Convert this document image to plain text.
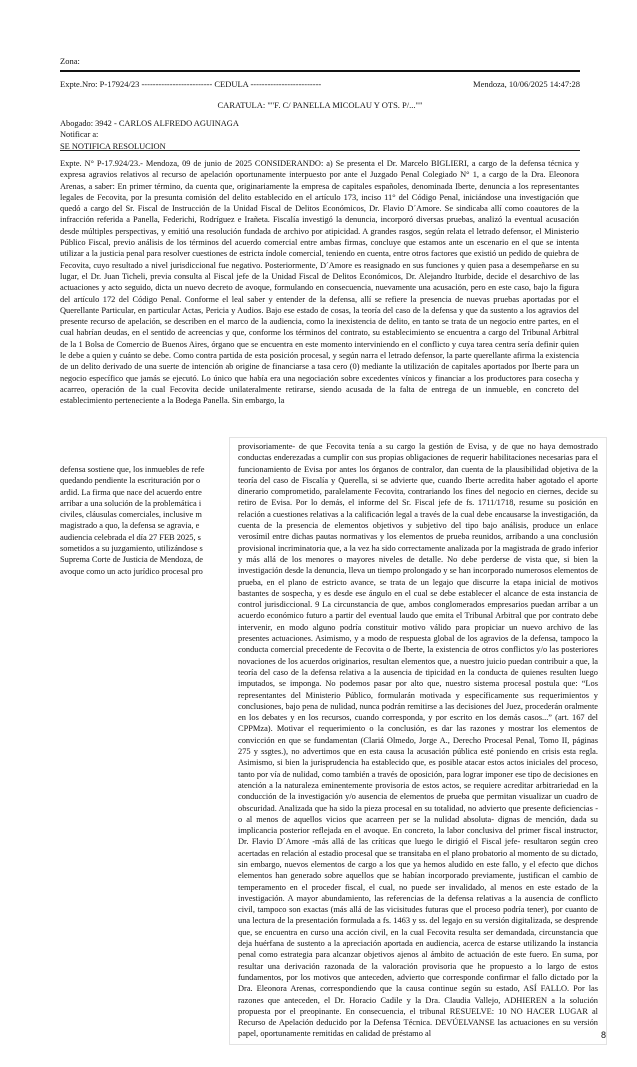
Zona:
Expte.Nro: P-17924/23 ------------------------- CEDULA -------------------------	Mendoza, 10/06/2025 14:47:28
CARATULA: ""F. C/ PANELLA MICOLAU Y OTS. P/...""
Abogado: 3942 - CARLOS ALFREDO AGUINAGA
Notificar a:
SE NOTIFICA RESOLUCION

Expte. N° P-17.924/23.- Mendoza, 09 de junio de 2025 CONSIDERANDO: a) Se presenta el Dr. Marcelo BIGLIERI, a cargo de la defensa técnica y expresa agravios relativos al recurso de apelación oportunamente interpuesto por ante el Juzgado Penal Colegiado N° 1, a cargo de la Dra. Eleonora Arenas, a saber: En primer término, da cuenta que, originariamente la empresa de capitales españoles, denominada Iberte, denuncia a los representantes legales de Fecovita, por la presunta comisión del delito establecido en el artículo 173, inciso 11° del Código Penal, iniciándose una investigación que quedó a cargo del Sr. Fiscal de Instrucción de la Unidad Fiscal de Delitos Económicos, Dr. Flavio D´Amore. Se sindicaba allí como coautores de la infracción referida a Panella, Federichi, Rodríguez e Irañeta. Fiscalía investigó la denuncia, incorporó diversas pruebas, analizó la eventual acusación desde múltiples perspectivas, y emitió una resolución fundada de archivo por atipicidad. A grandes rasgos, según relata el letrado defensor, el Ministerio Público Fiscal, previo análisis de los términos del acuerdo comercial entre ambas firmas, concluye que estamos ante un escenario en el que se intenta utilizar a la justicia penal para resolver cuestiones de estricta índole comercial, teniendo en cuenta, entre otros factores que existió un pedido de quiebra de Fecovita, cuyo resultado a nivel jurisdiccional fue negativo. Posteriormente, D´Amore es reasignado en sus funciones y quien pasa a desempeñarse en su lugar, el Dr. Juan Ticheli, previa consulta al Fiscal jefe de la Unidad Fiscal de Delitos Económicos, Dr. Alejandro Iturbide, decide el desarchivo de las actuaciones y acto seguido, dicta un nuevo decreto de avoque, formulando en consecuencia, nuevamente una acusación, pero en este caso, bajo la figura del artículo 172 del Código Penal. Conforme el leal saber y entender de la defensa, allí se refiere la presencia de nuevas pruebas aportadas por el Querellante Particular, en particular Actas, Pericia y Audios. Bajo ese estado de cosas, la teoría del caso de la defensa y que da sustento a los agravios del presente recurso de apelación, se describen en el marco de la audiencia, como la inexistencia de delito, en tanto se trata de un negocio entre partes, en el cual habrían deudas, en el sentido de acreencias y que, conforme los términos del contrato, su establecimiento se encuentra a cargo del Tribunal Arbitral de la 1 Bolsa de Comercio de Buenos Aires, órgano que se encuentra en este momento interviniendo en el conflicto y cuya tarea centra sería definir quien le debe a quien y cuánto se debe. Como contra partida de esta posición procesal, y según narra el letrado defensor, la parte querellante afirma la existencia de un delito derivado de una suerte de intención ab origine de financiarse a tasa cero (0) mediante la utilización de capitales aportados por Iberte para un negocio específico que jamás se ejecutó. Lo único que había era una negociación sobre excedentes vínicos y financiar a los productores para cosecha y acarreo, operación de la cual Fecovita decide unilateralmente retirarse, siendo acusada de la falta de entrega de un inmueble, en concreto del establecimiento perteneciente a la Bodega Panella. Sin embargo, la

defensa sostiene que, los inmuebles de refe

quedando pendiente la escrituración por o

ardid. La firma que nace del acuerdo entre

arribar a una solución de la problemática i

civiles, cláusulas comerciales, inclusive m

magistrado a quo, la defensa se agravia, e

audiencia celebrada el día 27 FEB 2025, s

sometidos a su juzgamiento, utilizándose s

Suprema Corte de Justicia de Mendoza, de

avoque como un acto jurídico procesal pro

provisoriamente- de que Fecovita tenía a su cargo la gestión de Evisa, y de que no haya demostrado conductas enderezadas a cumplir con sus propias obligaciones de requerir habilitaciones necesarias para el funcionamiento de Evisa por antes los órganos de contralor, dan cuenta de la plausibilidad objetiva de la teoría del caso de Fiscalía y Querella, si se advierte que, cuando Iberte acredita haber agotado el aporte dinerario comprometido, paralelamente Fecovita, contrariando los fines del negocio en ciernes, decide su retiro de Evisa. Por lo demás, el informe del Sr. Fiscal jefe de fs. 1711/1718, resume su posición en relación a cuestiones relativas a la calificación legal a través de la cual debe encausarse la investigación, da cuenta de la presencia de elementos objetivos y subjetivo del tipo bajo análisis, produce un enlace verosímil entre dichas pautas normativas y los elementos de prueba reunidos, arribando a una conclusión provisional incriminatoria que, a la vez ha sido correctamente analizada por la magistrada de grado inferior y más allá de los menores o mayores niveles de detalle. No debe perderse de vista que, si bien la investigación desde la denuncia, lleva un tiempo prolongado y se han incorporado numerosos elementos de prueba, en el plano de estricto avance, se trata de un legajo que discurre la etapa inicial de motivos bastantes de sospecha, y es desde ese ángulo en el cual se debe establecer el alcance de esta instancia de control jurisdiccional. 9 La circunstancia de que, ambos conglomerados empresarios puedan arribar a un acuerdo económico futuro a partir del eventual laudo que emita el Tribunal Arbitral que por contrato debe intervenir, en modo alguno podría constituir motivo válido para propiciar un nuevo archivo de las presentes actuaciones. Asimismo, y a modo de respuesta global de los agravios de la defensa, tampoco la conducta comercial precedente de Fecovita o de Iberte, la existencia de otros conflictos y/o las posteriores novaciones de los acuerdos originarios, resultan elementos que, a nuestro juicio puedan contribuir a que, la teoría del caso de la defensa relativa a la ausencia de tipicidad en la conducta de quienes resulten luego imputados, se imponga. No podemos pasar por alto que, nuestro sistema procesal postula que: “Los representantes del Ministerio Público, formularán motivada y específicamente sus requerimientos y conclusiones, bajo pena de nulidad, nunca podrán remitirse a las decisiones del Juez, procederán oralmente en los debates y en los recursos, cuando corresponda, y por escrito en los demás casos...” (art. 167 del CPPMza). Motivar el requerimiento o la conclusión, es dar las razones y mostrar los elementos de convicción en que se fundamentan (Clariá Olmedo, Jorge A., Derecho Procesal Penal, Tomo II, páginas 275 y ssgtes.), no advertimos que en esta causa la acusación pública esté poniendo en crisis esta regla. Asimismo, si bien la jurisprudencia ha establecido que, es posible atacar estos actos iniciales del proceso, tanto por vía de nulidad, como también a través de oposición, para lograr imponer ese tipo de decisiones en atención a la naturaleza eminentemente provisoria de estos actos, se requiere acreditar arbitrariedad en la conducción de la investigación y/o ausencia de elementos de prueba que permitan visualizar un cuadro de obscuridad. Analizada que ha sido la pieza procesal en su totalidad, no advierto que presente deficiencias -o al menos de aquellos vicios que acarreen per se la nulidad absoluta- dignas de mención, dada su implicancia posterior reflejada en el avoque. En concreto, la labor conclusiva del primer fiscal instructor, Dr. Flavio D´Amore -más allá de las críticas que luego le dirigió el Fiscal jefe- resultaron según creo acertadas en relación al estadio procesal que se transitaba en el plano probatorio al momento de su dictado, sin embargo, nuevos elementos de cargo a los que ya hemos aludido en este fallo, y el efecto que dichos elementos han generado sobre aquellos que se habían incorporado previamente, justifican el cambio de temperamento en el proceder fiscal, el cual, no puede ser invalidado, al menos en este estado de la investigación. A mayor abundamiento, las referencias de la defensa relativas a la ausencia de conflicto civil, tampoco son exactas (más allá de las vicisitudes futuras que el proceso podría tener), por cuanto de una lectura de la presentación formulada a fs. 1463 y ss. del legajo en su versión digitalizada, se desprende que, se encuentra en curso una acción civil, en la cual Fecovita resulta ser demandada, circunstancia que deja huérfana de sustento a la apreciación aportada en audiencia, acerca de estarse utilizando la instancia penal como estrategia para alcanzar objetivos ajenos al ámbito de actuación de este fuero. En suma, por resultar una derivación razonada de la valoración provisoria que he propuesto a lo largo de estos fundamentos, por los motivos que anteceden, advierto que corresponde confirmar el fallo dictado por la Dra. Eleonora Arenas, correspondiendo que la causa continue según su estado, ASÍ FALLO. Por las razones que anteceden, el Dr. Horacio Cadile y la Dra. Claudia Vallejo, ADHIEREN a la solución propuesta por el preopinante. En consecuencia, el tribunal RESUELVE: 10 NO HACER LUGAR al Recurso de Apelación deducido por la Defensa Técnica. DEVÚELVANSE las actuaciones en su versión papel, oportunamente remitidas en calidad de préstamo al	8
